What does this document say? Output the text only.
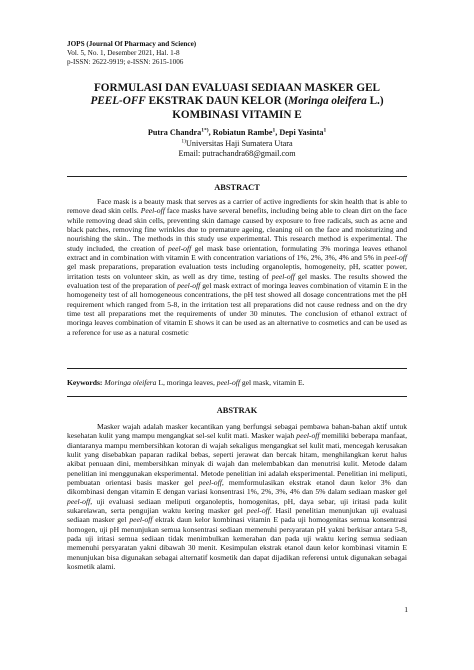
JOPS (Journal Of Pharmacy and Science)
Vol. 5, No. 1, Desember 2021, Hal. 1-8
p-ISSN: 2622-9919; e-ISSN: 2615-1006
FORMULASI DAN EVALUASI SEDIAAN MASKER GEL
PEEL-OFF EKSTRAK DAUN KELOR (Moringa oleifera L.)
KOMBINASI VITAMIN E
Putra Chandra$^{1*)}$, Robiatun Rambe$^1$, Depi Yasinta$^1$
$^{1)}$Universitas Haji Sumatera Utara
Email: putrachandra68@gmail.com
ABSTRACT
Face mask is a beauty mask that serves as a carrier of active ingredients for skin health that is able to remove dead skin cells. Peel-off face masks have several benefits, including being able to clean dirt on the face while removing dead skin cells, preventing skin damage caused by exposure to free radicals, such as acne and black patches, removing fine wrinkles due to premature ageing, cleaning oil on the face and moisturizing and nourishing the skin.. The methods in this study use experimental. This research method is experimental. The study included, the creation of peel-off gel mask base orientation, formulating 3% moringa leaves ethanol extract and in combination with vitamin E with concentration variations of 1%, 2%, 3%, 4% and 5% in peel-off gel mask preparations, preparation evaluation tests including organoleptis, homogeneity, pH, scatter power, irritation tests on volunteer skin, as well as dry time, testing of peel-off gel masks. The results showed the evaluation test of the preparation of peel-off gel mask extract of moringa leaves combination of vitamin E in the homogeneity test of all homogeneous concentrations, the pH test showed all dosage concentrations met the pH requirement which ranged from 5-8, in the irritation test all preparations did not cause redness and on the dry time test all preparations met the requirements of under 30 minutes. The conclusion of ethanol extract of moringa leaves combination of vitamin E shows it can be used as an alternative to cosmetics and can be used as a reference for use as a natural cosmetic
Keywords: Moringa oleifera L, moringa leaves, peel-off gel mask, vitamin E.
ABSTRAK
Masker wajah adalah masker kecantikan yang berfungsi sebagai pembawa bahan-bahan aktif untuk kesehatan kulit yang mampu mengangkat sel-sel kulit mati. Masker wajah peel-off memiliki beberapa manfaat, diantaranya mampu membersihkan kotoran di wajah sekaligus mengangkat sel kulit mati, mencegah kerusakan kulit yang disebabkan paparan radikal bebas, seperti jerawat dan bercak hitam, menghilangkan kerut halus akibat penuaan dini, membersihkan minyak di wajah dan melembabkan dan menutrisi kulit. Metode dalam penelitian ini menggunakan eksperimental. Metode penelitian ini adalah eksperimental. Penelitian ini meliputi, pembuatan orientasi basis masker gel peel-off, memformulasikan ekstrak etanol daun kelor 3% dan dikombinasi dengan vitamin E dengan variasi konsentrasi 1%, 2%, 3%, 4% dan 5% dalam sediaan masker gel peel-off, uji evaluasi sediaan meliputi organoleptis, homogenitas, pH, daya sebar, uji iritasi pada kulit sukarelawan, serta pengujian waktu kering masker gel peel-off. Hasil penelitian menunjukan uji evaluasi sediaan masker gel peel-off ektrak daun kelor kombinasi vitamin E pada uji homogenitas semua konsentrasi homogen, uji pH menunjukan semua konsentrasi sediaan memenuhi persyaratan pH yakni berkisar antara 5-8, pada uji iritasi semua sediaan tidak menimbulkan kemerahan dan pada uji waktu kering semua sediaan memenuhi persyaratan yakni dibawah 30 menit. Kesimpulan ekstrak etanol daun kelor kombinasi vitamin E menunjukan bisa digunakan sebagai alternatif kosmetik dan dapat dijadikan referensi untuk digunakan sebagai kosmetik alami.
1
